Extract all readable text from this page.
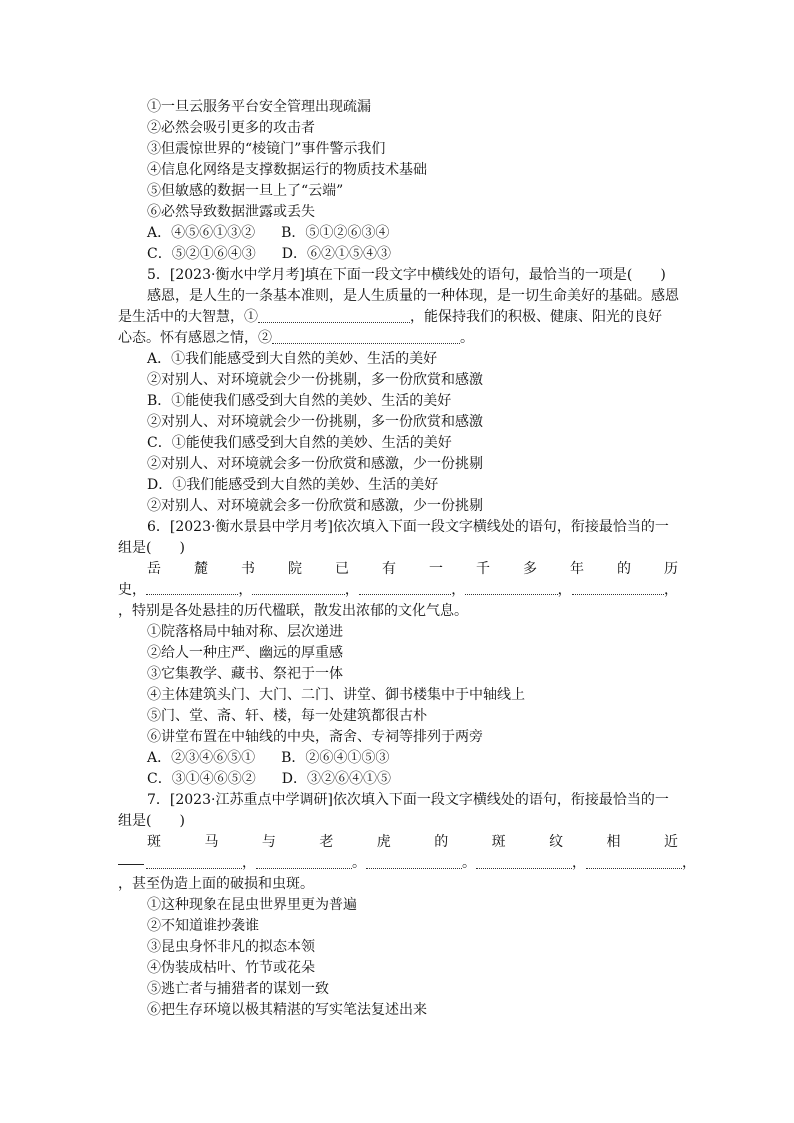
①一旦云服务平台安全管理出现疏漏
②必然会吸引更多的攻击者
③但震惊世界的“棱镜门”事件警示我们
④信息化网络是支撑数据运行的物质技术基础
⑤但敏感的数据一旦上了“云端”
⑥必然导致数据泄露或丢失
A．④⑤⑥①③② B．⑤①②⑥③④
C．⑤②①⑥④③ D．⑥②①⑤④③
5．[2023·衡水中学月考]填在下面一段文字中横线处的语句，最恰当的一项是(　　)
感恩，是人生的一条基本准则，是人生质量的一种体现，是一切生命美好的基础。感恩
是生活中的大智慧，①	，能保持我们的积极、健康、阳光的良好
心态。怀有感恩之情，②	。
A．①我们能感受到大自然的美妙、生活的美好
②对别人、对环境就会少一份挑剔，多一份欣赏和感激
B．①能使我们感受到大自然的美妙、生活的美好
②对别人、对环境就会少一份挑剔，多一份欣赏和感激
C．①能使我们感受到大自然的美妙、生活的美好
②对别人、对环境就会多一份欣赏和感激，少一份挑剔
D．①我们能感受到大自然的美妙、生活的美好
②对别人、对环境就会多一份欣赏和感激，少一份挑剔
6．[2023·衡水景县中学月考]依次填入下面一段文字横线处的语句，衔接最恰当的一
组是(　　)
岳 麓 书 院 已 有 一 千 多 年 的 历
史，	，	，	，	，	，
，特别是各处悬挂的历代楹联，散发出浓郁的文化气息。
①院落格局中轴对称、层次递进
②给人一种庄严、幽远的厚重感
③它集教学、藏书、祭祀于一体
④主体建筑头门、大门、二门、讲堂、御书楼集中于中轴线上
⑤门、堂、斋、轩、楼，每一处建筑都很古朴
⑥讲堂布置在中轴线的中央，斋舍、专祠等排列于两旁
A．②③④⑥⑤① B．②⑥④①⑤③
C．③①④⑥⑤② D．③②⑥④①⑤
7．[2023·江苏重点中学调研]依次填入下面一段文字横线处的语句，衔接最恰当的一
组是(　　)
斑	马	与	老	虎	的	斑	纹	相	近
，	。	。	，	，
，甚至伪造上面的破损和虫斑。
①这种现象在昆虫世界里更为普遍
②不知道谁抄袭谁
③昆虫身怀非凡的拟态本领
④伪装成枯叶、竹节或花朵
⑤逃亡者与捕猎者的谋划一致
⑥把生存环境以极其精湛的写实笔法复述出来
